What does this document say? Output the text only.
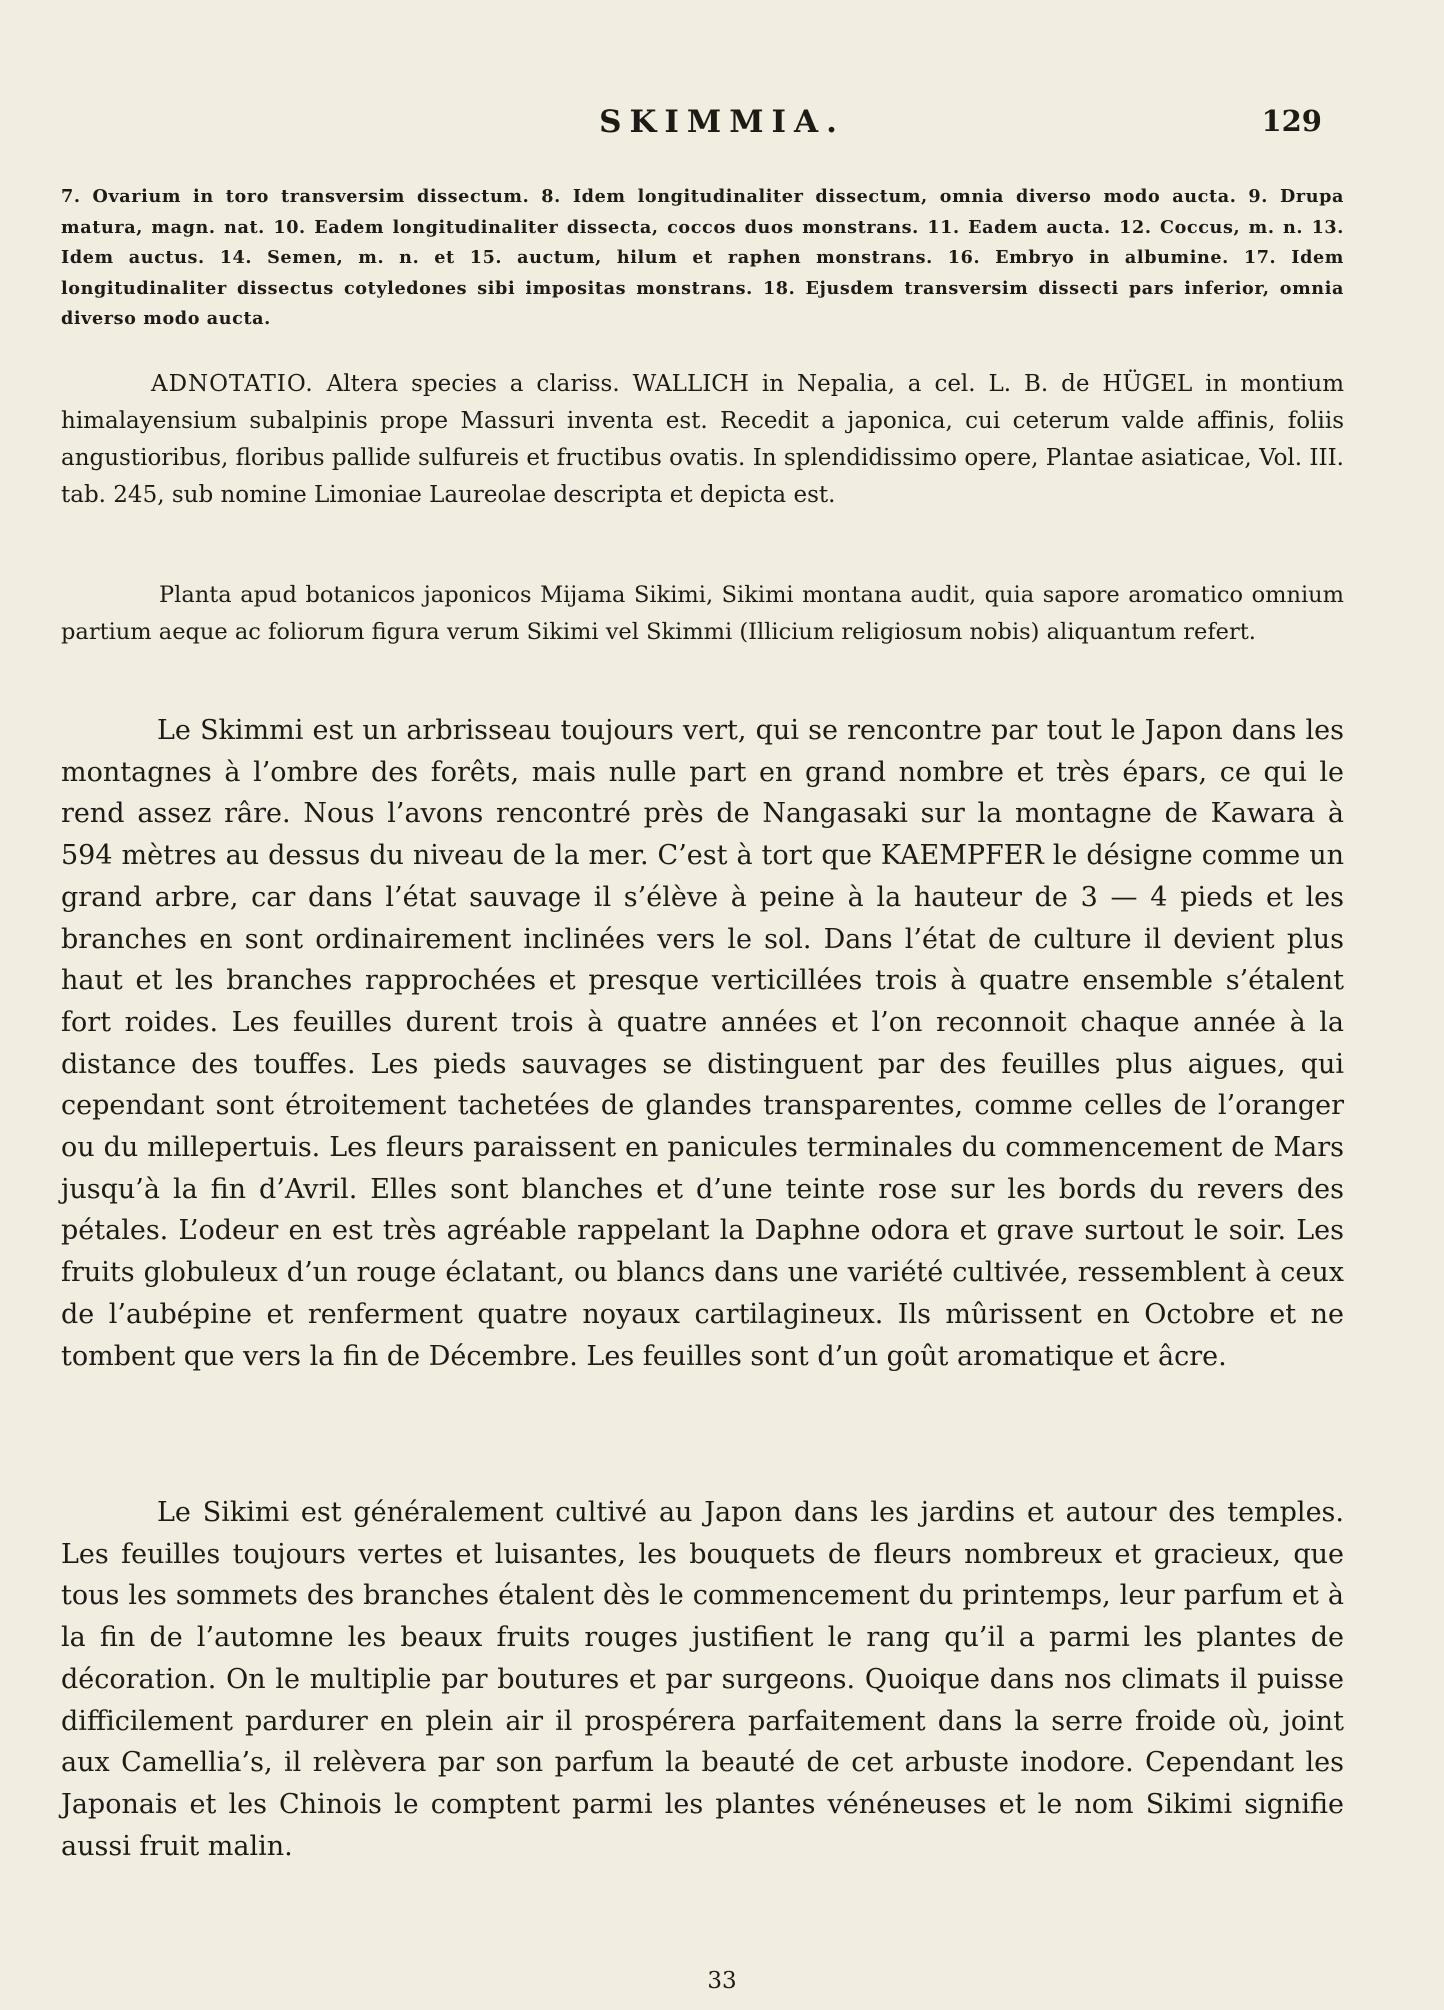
SKIMMIA.	129

7. Ovarium in toro transversim dissectum. 8. Idem longitudinaliter dissectum, omnia diverso modo aucta. 9. Drupa matura, magn. nat. 10. Eadem longitudinaliter dissecta, coccos duos monstrans. 11. Eadem aucta. 12. Coccus, m. n. 13. Idem auctus. 14. Semen, m. n. et 15. auctum, hilum et raphen monstrans. 16. Embryo in albumine. 17. Idem longitudinaliter dissectus cotyledones sibi impositas monstrans. 18. Ejusdem transversim dissecti pars inferior, omnia diverso modo aucta.

ADNOTATIO. Altera species a clariss. WALLICH in Nepalia, a cel. L. B. de HÜGEL in montium himalayensium subalpinis prope Massuri inventa est. Recedit a japonica, cui ceterum valde affinis, foliis angustioribus, floribus pallide sulfureis et fructibus ovatis. In splendidissimo opere, Plantae asiaticae, Vol. III. tab. 245, sub nomine Limoniae Laureolae descripta et depicta est.

Planta apud botanicos japonicos Mijama Sikimi, Sikimi montana audit, quia sapore aromatico omnium partium aeque ac foliorum figura verum Sikimi vel Skimmi (Illicium religiosum nobis) aliquantum refert.

Le Skimmi est un arbrisseau toujours vert, qui se rencontre par tout le Japon dans les montagnes à l’ombre des forêts, mais nulle part en grand nombre et très épars, ce qui le rend assez râre. Nous l’avons rencontré près de Nangasaki sur la montagne de Kawara à 594 mètres au dessus du niveau de la mer. C’est à tort que KAEMPFER le désigne comme un grand arbre, car dans l’état sauvage il s’élève à peine à la hauteur de 3 — 4 pieds et les branches en sont ordinairement inclinées vers le sol. Dans l’état de culture il devient plus haut et les branches rapprochées et presque verticillées trois à quatre ensemble s’étalent fort roides. Les feuilles durent trois à quatre années et l’on reconnoit chaque année à la distance des touffes. Les pieds sauvages se distinguent par des feuilles plus aigues, qui cependant sont étroitement tachetées de glandes transparentes, comme celles de l’oranger ou du millepertuis. Les fleurs paraissent en panicules terminales du commencement de Mars jusqu’à la fin d’Avril. Elles sont blanches et d’une teinte rose sur les bords du revers des pétales. L’odeur en est très agréable rappelant la Daphne odora et grave surtout le soir. Les fruits globuleux d’un rouge éclatant, ou blancs dans une variété cultivée, ressemblent à ceux de l’aubépine et renferment quatre noyaux cartilagineux. Ils mûrissent en Octobre et ne tombent que vers la fin de Décembre. Les feuilles sont d’un goût aromatique et âcre.

Le Sikimi est généralement cultivé au Japon dans les jardins et autour des temples. Les feuilles toujours vertes et luisantes, les bouquets de fleurs nombreux et gracieux, que tous les sommets des branches étalent dès le commencement du printemps, leur parfum et à la fin de l’automne les beaux fruits rouges justifient le rang qu’il a parmi les plantes de décoration. On le multiplie par boutures et par surgeons. Quoique dans nos climats il puisse difficilement pardurer en plein air il prospérera parfaitement dans la serre froide où, joint aux Camellia’s, il relèvera par son parfum la beauté de cet arbuste inodore. Cependant les Japonais et les Chinois le comptent parmi les plantes vénéneuses et le nom Sikimi signifie aussi fruit malin.

33
